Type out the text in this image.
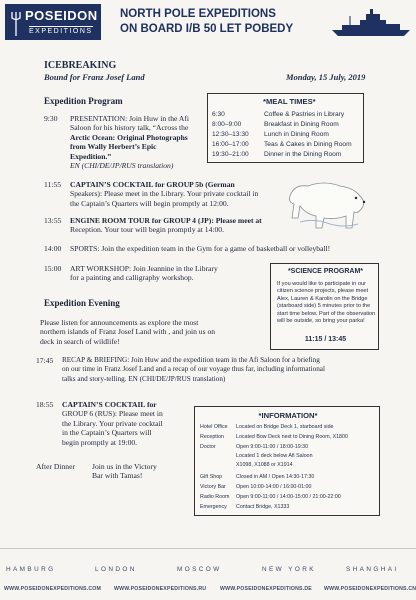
POSEIDON
EXPEDITIONS
NORTH POLE EXPEDITIONS
ON BOARD I/B 50 LET POBEDY
ICEBREAKING
Bound for Franz Josef Land	Monday, 15 July, 2019
Expedition Program
9:30 PRESENTATION: Join Huw in the Afi
Saloon for his history talk, “Across the
Arctic Ocean: Original Photographs
from Wally Herbert’s Epic
Expedition.”
EN (CHI/DE/JP/RUS translation)
*MEAL TIMES*
6:30	Coffee & Pastries in Library
8:00–9:00	Breakfast in Dining Room
12:30–13:30 Lunch in Dining Room
16:00–17:00 Teas & Cakes in Dining Room
19:30–21:00 Dinner in the Dining Room
11:55 CAPTAIN’S COCKTAIL for GROUP 5b (German
Speakers): Please meet in the Library. Your private cocktail in
the Captain’s Quarters will begin promptly at 12:00.
13:55 ENGINE ROOM TOUR for GROUP 4 (JP): Please meet at
Reception. Your tour will begin promptly at 14:00.
14:00 SPORTS: Join the expedition team in the Gym for a game of basketball or volleyball!
15:00 ART WORKSHOP: Join Jeannine in the Library
for a painting and calligraphy workshop.
*SCIENCE PROGRAM*
If you would like to participate in our
citizen science projects, please meet
Alex, Lauren & Karolin on the Bridge
(starboard side) 5 minutes prior to the
start time below. Part of the observation
will be outside, so bring your parka!
11:15 / 13:45
Expedition Evening
Please listen for announcements as explore the most
northern islands of Franz Josef Land with , and join us on
deck in search of wildlife!
17:45 RECAP & BRIEFING: Join Huw and the expedition team in the Afi Saloon for a briefing
on our time in Franz Josef Land and a recap of our voyage thus far, including informational
talks and story-telling. EN (CHI/DE/JP/RUS translation)
18:55 CAPTAIN’S COCKTAIL for
GROUP 6 (RUS): Please meet in
the Library. Your private cocktail
in the Captain’s Quarters will
begin promptly at 19:00.
After Dinner Join us in the Victory
Bar with Tamas!
*INFORMATION*
Hotel Office Located on Bridge Deck 1, starboard side
Reception Located Bow Deck next to Dining Room, X1800
Doctor	Open 9:00-11:00 / 18:00-19:30
Located 1 deck below Afi Saloon
X1098, X1088 or X1914
Gift Shop	Closed in AM / Open 14:30-17:30
Victory Bar Open 10:00-14:00 / 16:00-01:00
Radio Room Open 9:00-11:00 / 14:00-15:00 / 21:00-22:00
Emergency Contact Bridge, X1333
HAMBURG	LONDON	MOSCOW	NEW YORK	SHANGHAI
WWW.POSEIDONEXPEDITIONS.COM WWW.POSEIDONEXPEDITIONS.RU	WWW.POSEIDONEXPEDITIONS.DE WWW.POSEIDONEXPEDITIONS.CN
